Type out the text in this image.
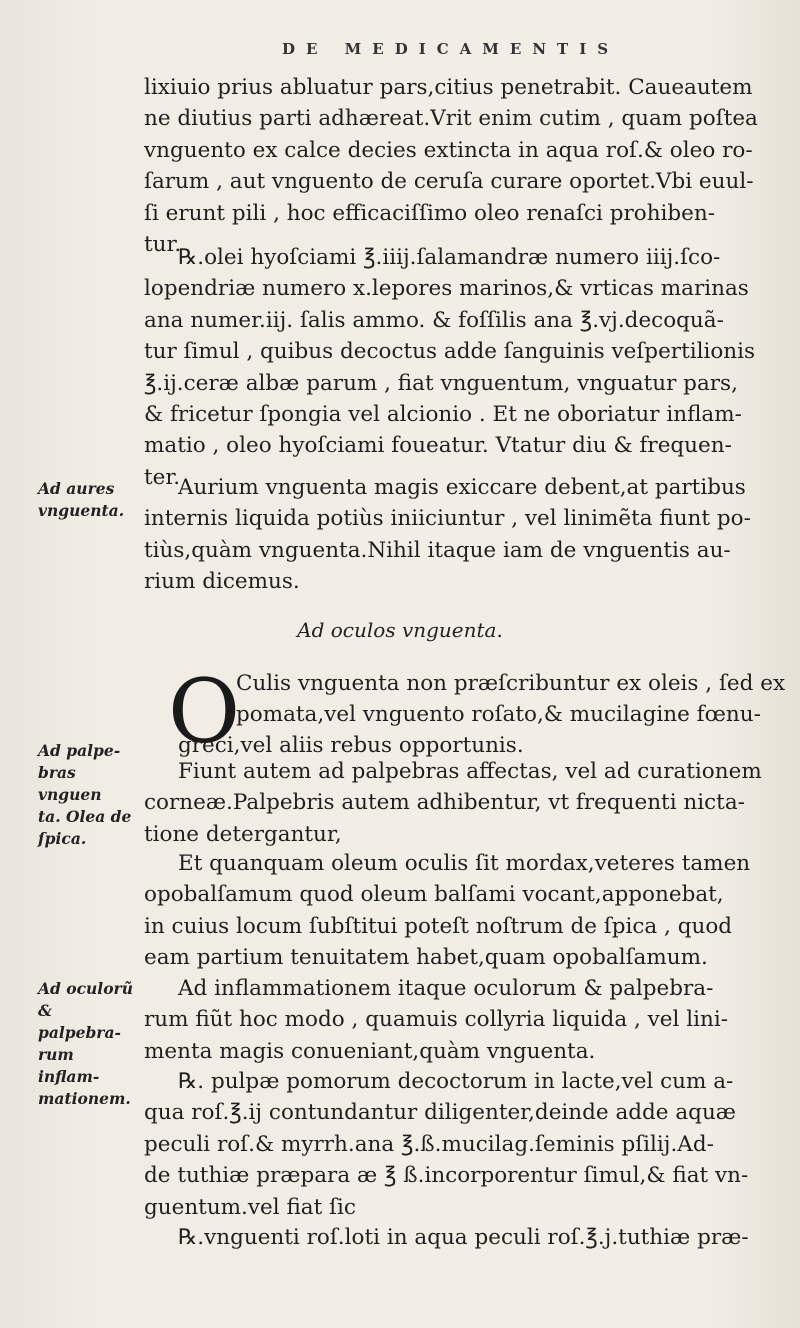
DE MEDICAMENTIS
lixiuio prius abluatur pars,citius penetrabit. Caueautem
ne diutius parti adhæreat.Vrit enim cutim , quam poſtea
vnguento ex calce decies extincta in aqua roſ.& oleo ro-
ſarum , aut vnguento de ceruſa curare oportet.Vbi euul-
ſi erunt pili , hoc efficaciſſimo oleo renaſci prohiben-
tur.
℞.olei hyoſciami ℥.iiij.ſalamandræ numero iiij.ſco-
lopendriæ numero x.lepores marinos,& vrticas marinas
ana numer.iij. ſalis ammo. & foſſilis ana ℥.vj.decoquã-
tur ſimul , quibus decoctus adde ſanguinis veſpertilionis
℥.ij.ceræ albæ parum , fiat vnguentum, vnguatur pars,
& fricetur ſpongia vel alcionio . Et ne oboriatur inflam-
matio , oleo hyoſciami foueatur. Vtatur diu & frequen-
ter.
Aurium vnguenta magis exiccare debent,at partibus
internis liquida potiùs iniiciuntur , vel linimẽta fiunt po-
tiùs,quàm vnguenta.Nihil itaque iam de vnguentis au-
rium dicemus.
Ad aures
vnguenta.
Ad oculos vnguenta.
O
Culis vnguenta non præſcribuntur ex oleis , ſed ex
pomata,vel vnguento roſato,& mucilagine fœnu-
greci,vel aliis rebus opportunis.
Fiunt autem ad palpebras affectas, vel ad curationem
corneæ.Palpebris autem adhibentur, vt frequenti nicta-
tione detergantur,
Ad palpe-
bras vnguen
ta. Olea de
ſpica.
Et quanquam oleum oculis ſit mordax,veteres tamen
opobalſamum quod oleum balſami vocant,apponebat,
in cuius locum ſubſtitui poteſt noſtrum de ſpica , quod
eam partium tenuitatem habet,quam opobalſamum.
Ad inflammationem itaque oculorum & palpebra-
rum fiũt hoc modo , quamuis collyria liquida , vel lini-
menta magis conueniant,quàm vnguenta.
Ad oculorũ
& palpebra-
rum inflam-
mationem.
℞. pulpæ pomorum decoctorum in lacte,vel cum a-
qua roſ.℥.ij contundantur diligenter,deinde adde aquæ
peculi roſ.& myrrh.ana ℥.ß.mucilag.ſeminis pſilij.Ad-
de tuthiæ præpara æ ℥ ß.incorporentur ſimul,& fiat vn-
guentum.vel fiat ſic
℞.vnguenti roſ.loti in aqua peculi roſ.℥.j.tuthiæ præ-
